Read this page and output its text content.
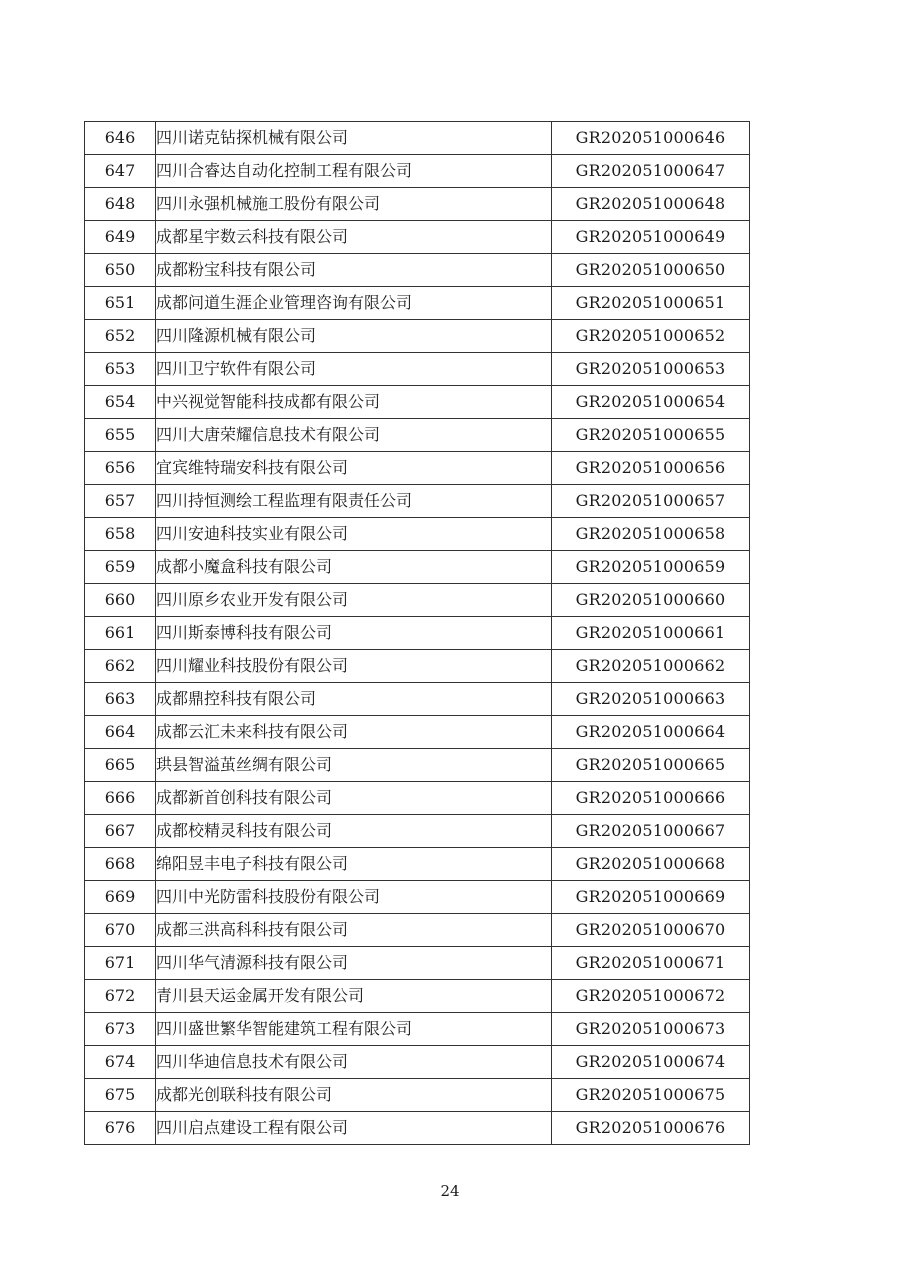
646	四川诺克钻探机械有限公司	GR202051000646
647	四川合睿达自动化控制工程有限公司	GR202051000647
648	四川永强机械施工股份有限公司	GR202051000648
649	成都星宇数云科技有限公司	GR202051000649
650	成都粉宝科技有限公司	GR202051000650
651	成都问道生涯企业管理咨询有限公司	GR202051000651
652	四川隆源机械有限公司	GR202051000652
653	四川卫宁软件有限公司	GR202051000653
654	中兴视觉智能科技成都有限公司	GR202051000654
655	四川大唐荣耀信息技术有限公司	GR202051000655
656	宜宾维特瑞安科技有限公司	GR202051000656
657	四川持恒测绘工程监理有限责任公司	GR202051000657
658	四川安迪科技实业有限公司	GR202051000658
659	成都小魔盒科技有限公司	GR202051000659
660	四川原乡农业开发有限公司	GR202051000660
661	四川斯泰博科技有限公司	GR202051000661
662	四川耀业科技股份有限公司	GR202051000662
663	成都鼎控科技有限公司	GR202051000663
664	成都云汇未来科技有限公司	GR202051000664
665	珙县智溢茧丝绸有限公司	GR202051000665
666	成都新首创科技有限公司	GR202051000666
667	成都校精灵科技有限公司	GR202051000667
668	绵阳昱丰电子科技有限公司	GR202051000668
669	四川中光防雷科技股份有限公司	GR202051000669
670	成都三洪高科科技有限公司	GR202051000670
671	四川华气清源科技有限公司	GR202051000671
672	青川县天运金属开发有限公司	GR202051000672
673	四川盛世繁华智能建筑工程有限公司	GR202051000673
674	四川华迪信息技术有限公司	GR202051000674
675	成都光创联科技有限公司	GR202051000675
676	四川启点建设工程有限公司	GR202051000676
24
